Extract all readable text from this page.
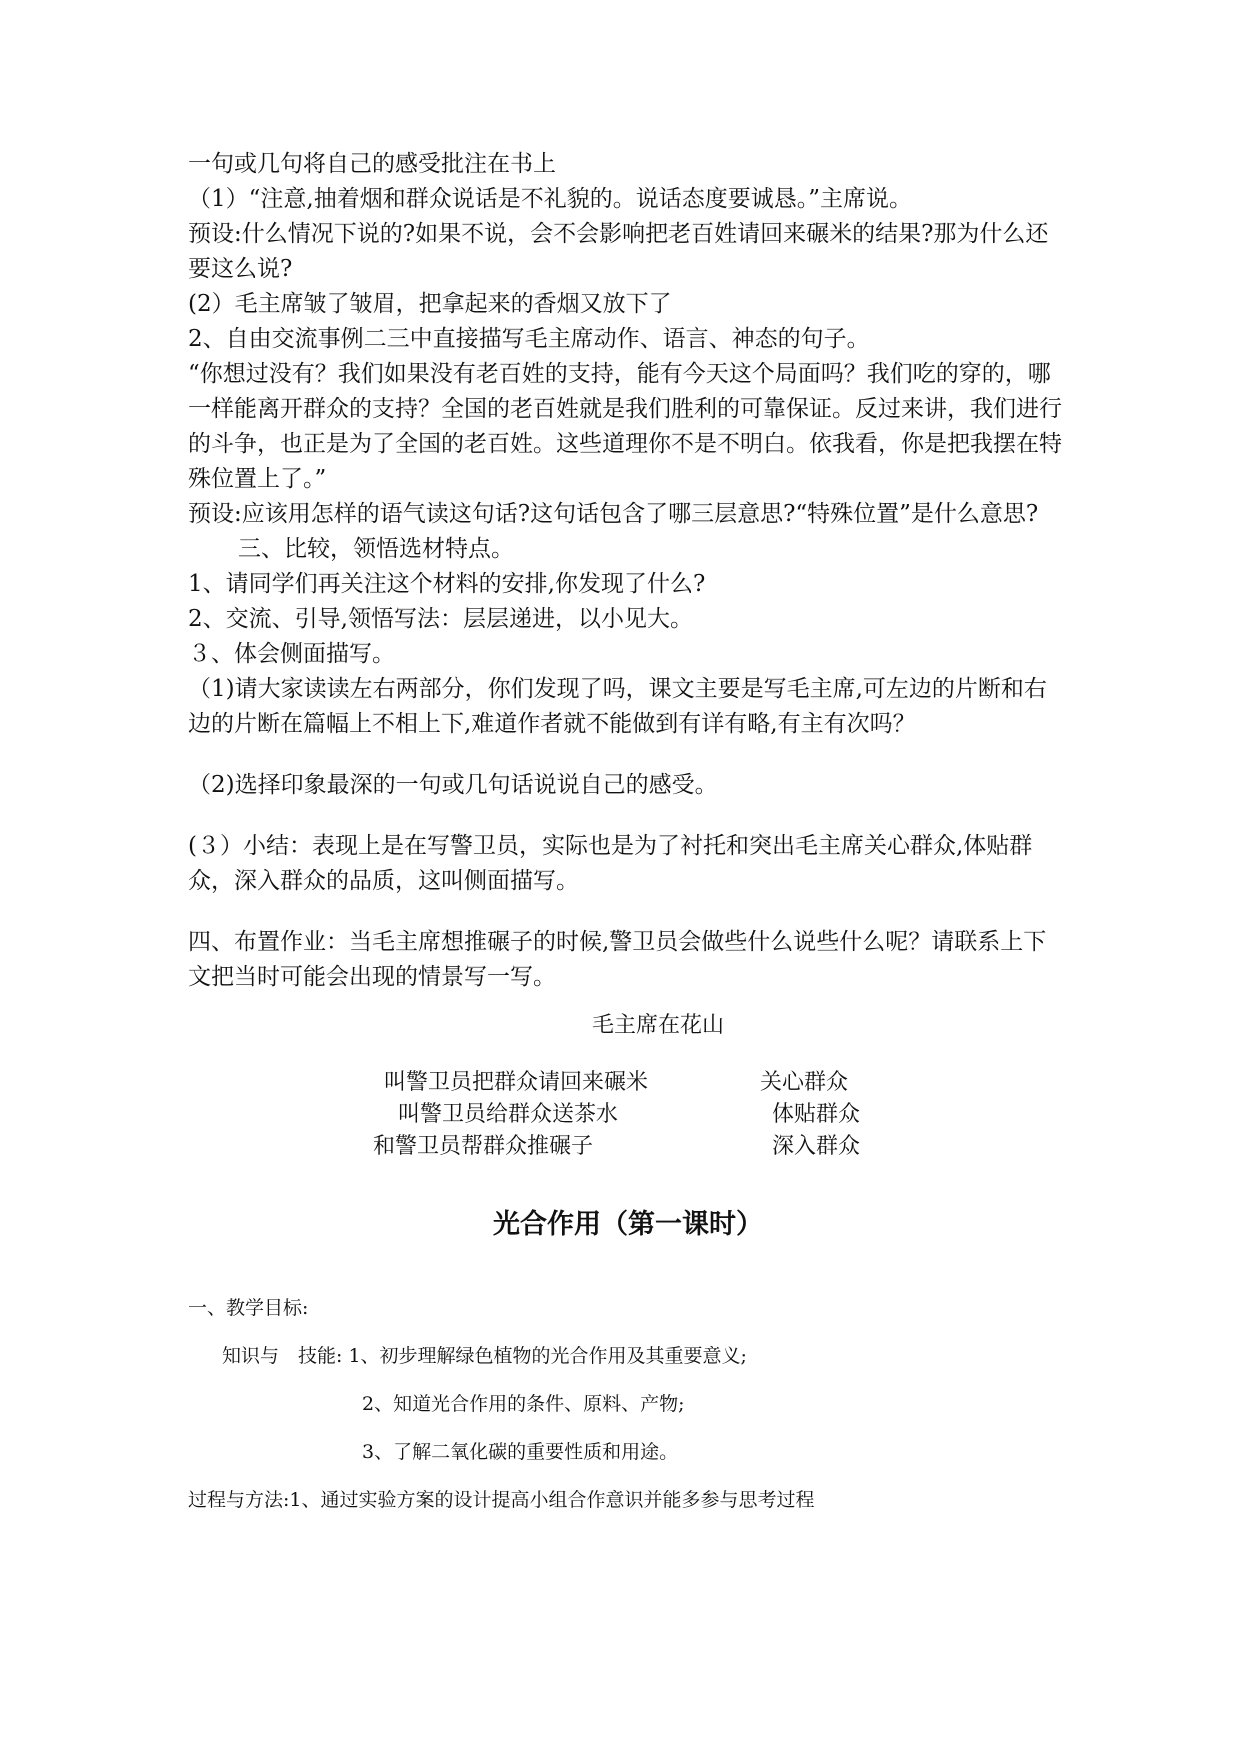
一句或几句将自己的感受批注在书上

（1）“注意,抽着烟和群众说话是不礼貌的。说话态度要诚恳。”主席说。

预设:什么情况下说的?如果不说，会不会影响把老百姓请回来碾米的结果?那为什么还要这么说?

(2）毛主席皱了皱眉，把拿起来的香烟又放下了

2、自由交流事例二三中直接描写毛主席动作、语言、神态的句子。

“你想过没有？我们如果没有老百姓的支持，能有今天这个局面吗？我们吃的穿的，哪一样能离开群众的支持？全国的老百姓就是我们胜利的可靠保证。反过来讲，我们进行的斗争，也正是为了全国的老百姓。这些道理你不是不明白。依我看，你是把我摆在特殊位置上了。”

预设:应该用怎样的语气读这句话?这句话包含了哪三层意思?“特殊位置”是什么意思?

三、比较，领悟选材特点。

1、请同学们再关注这个材料的安排,你发现了什么?

2、交流、引导,领悟写法：层层递进，以小见大。

３、体会侧面描写。

（1)请大家读读左右两部分，你们发现了吗，课文主要是写毛主席,可左边的片断和右边的片断在篇幅上不相上下,难道作者就不能做到有详有略,有主有次吗？

（2)选择印象最深的一句或几句话说说自己的感受。

(３）小结：表现上是在写警卫员，实际也是为了衬托和突出毛主席关心群众,体贴群众，深入群众的品质，这叫侧面描写。

四、布置作业：当毛主席想推碾子的时候,警卫员会做些什么说些什么呢？请联系上下文把当时可能会出现的情景写一写。

毛主席在花山
叫警卫员把群众请回来碾米	关心群众
叫警卫员给群众送茶水	体贴群众
和警卫员帮群众推碾子	深入群众
光合作用（第一课时）

一、教学目标:

知识与　技能: 1、初步理解绿色植物的光合作用及其重要意义;

2、知道光合作用的条件、原料、产物;

3、了解二氧化碳的重要性质和用途。

过程与方法:1、通过实验方案的设计提高小组合作意识并能多参与思考过程
